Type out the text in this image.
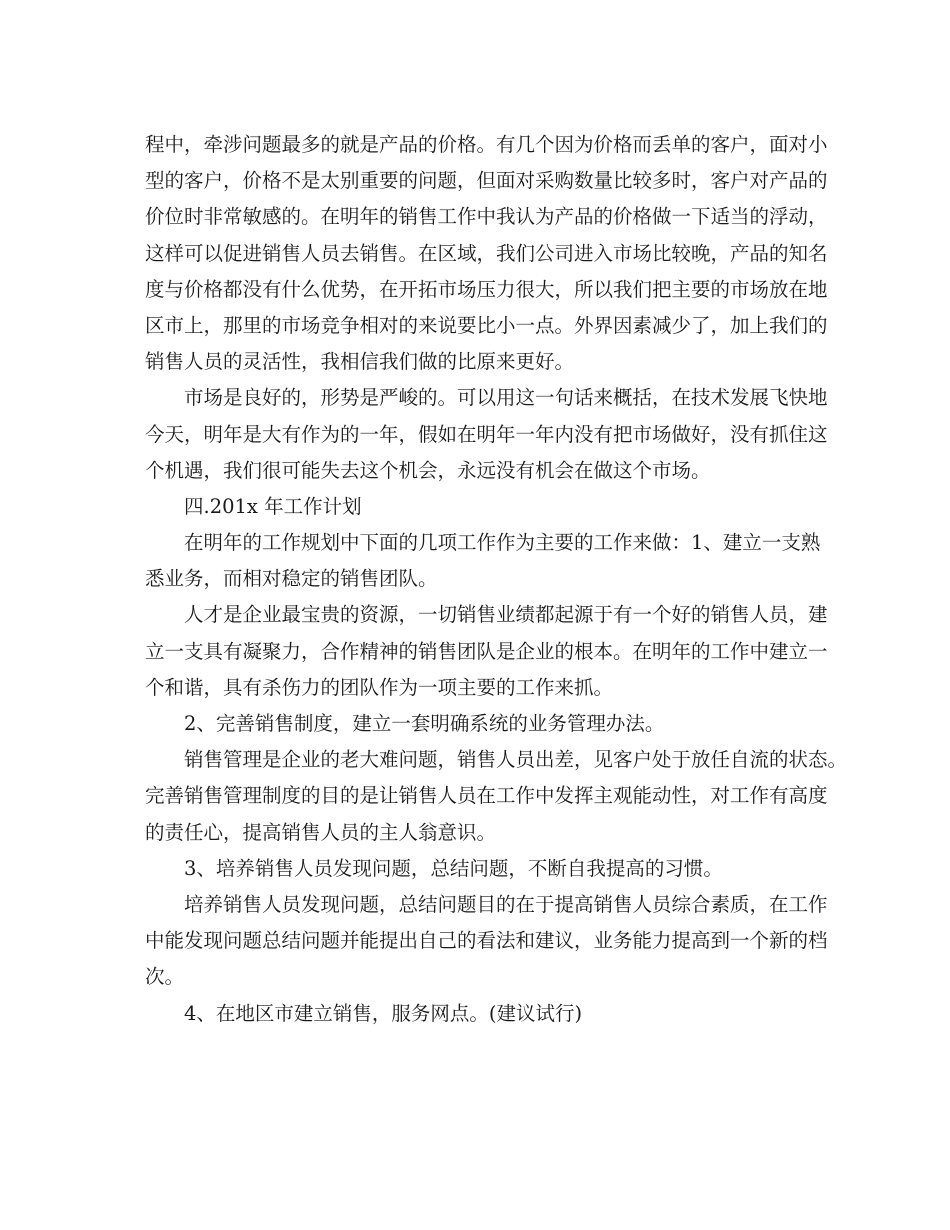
程中，牵涉问题最多的就是产品的价格。有几个因为价格而丢单的客户，面对小
型的客户，价格不是太别重要的问题，但面对采购数量比较多时，客户对产品的
价位时非常敏感的。在明年的销售工作中我认为产品的价格做一下适当的浮动，
这样可以促进销售人员去销售。在区域，我们公司进入市场比较晚，产品的知名
度与价格都没有什么优势，在开拓市场压力很大，所以我们把主要的市场放在地
区市上，那里的市场竞争相对的来说要比小一点。外界因素减少了，加上我们的
销售人员的灵活性，我相信我们做的比原来更好。
市场是良好的，形势是严峻的。可以用这一句话来概括，在技术发展飞快地
今天，明年是大有作为的一年，假如在明年一年内没有把市场做好，没有抓住这
个机遇，我们很可能失去这个机会，永远没有机会在做这个市场。
四.201x 年工作计划
在明年的工作规划中下面的几项工作作为主要的工作来做：1、建立一支熟
悉业务，而相对稳定的销售团队。
人才是企业最宝贵的资源，一切销售业绩都起源于有一个好的销售人员，建
立一支具有凝聚力，合作精神的销售团队是企业的根本。在明年的工作中建立一
个和谐，具有杀伤力的团队作为一项主要的工作来抓。
2、完善销售制度，建立一套明确系统的业务管理办法。
销售管理是企业的老大难问题，销售人员出差，见客户处于放任自流的状态。
完善销售管理制度的目的是让销售人员在工作中发挥主观能动性，对工作有高度
的责任心，提高销售人员的主人翁意识。
3、培养销售人员发现问题，总结问题，不断自我提高的习惯。
培养销售人员发现问题，总结问题目的在于提高销售人员综合素质，在工作
中能发现问题总结问题并能提出自己的看法和建议，业务能力提高到一个新的档
次。
4、在地区市建立销售，服务网点。(建议试行)
